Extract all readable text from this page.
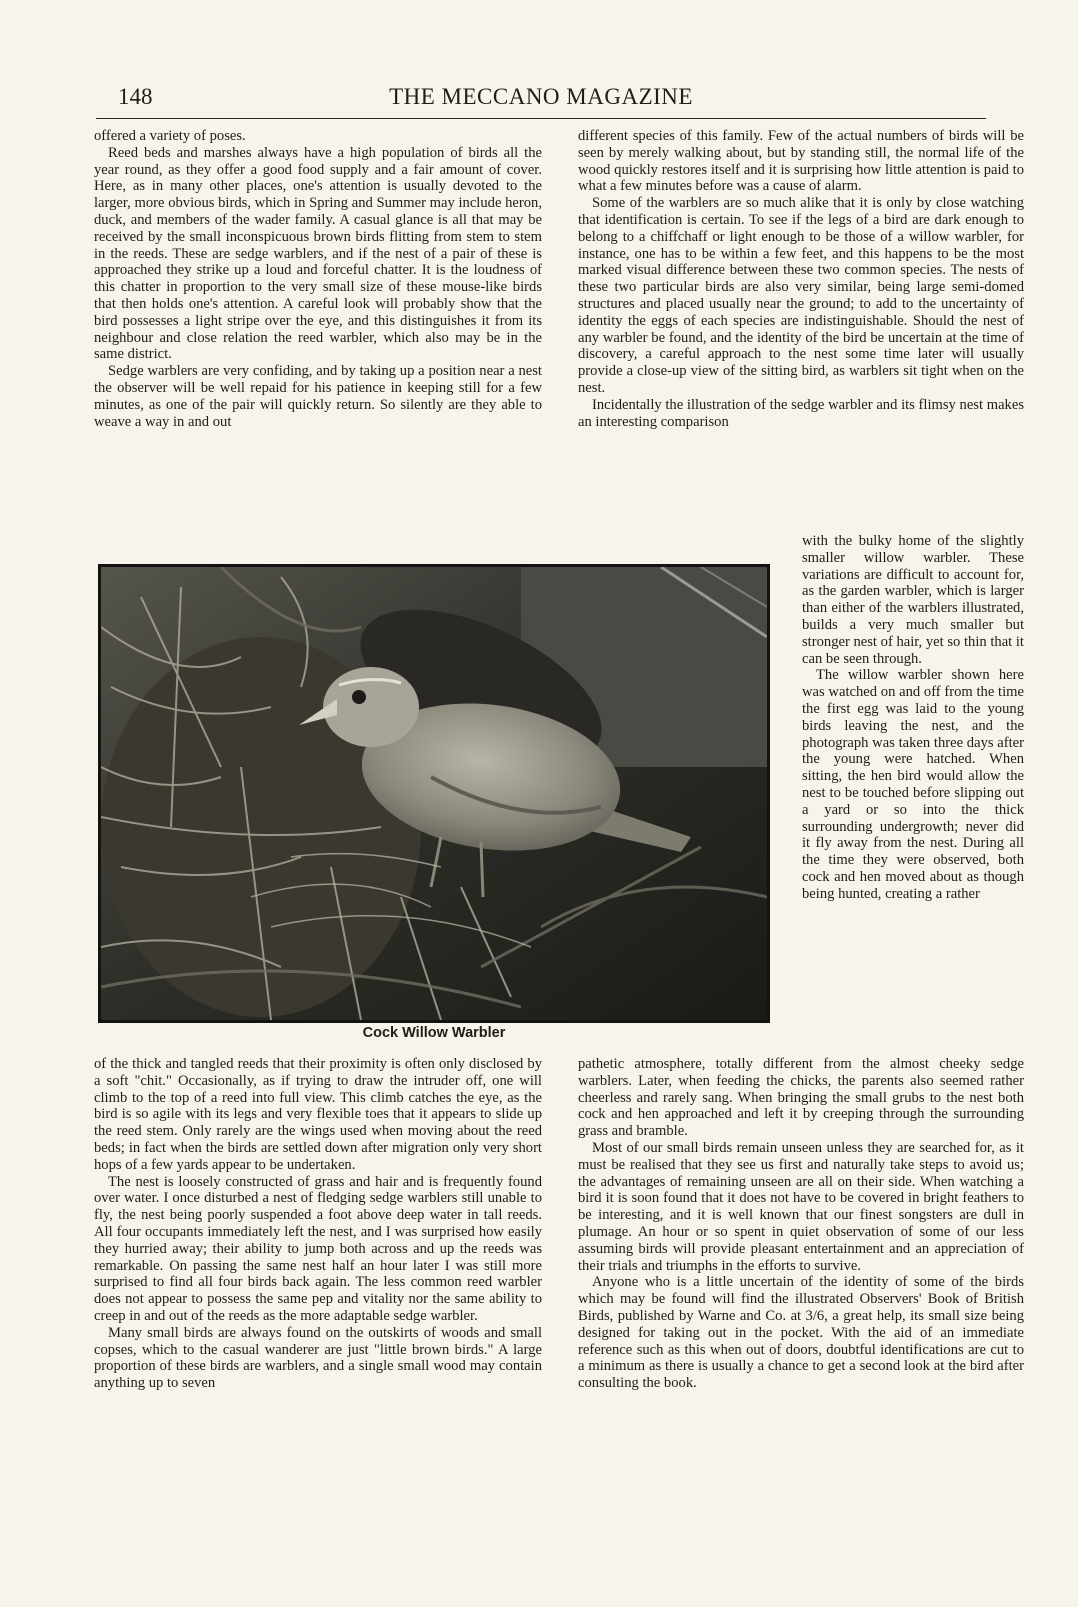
148	THE MECCANO MAGAZINE

offered a variety of poses.

Reed beds and marshes always have a high population of birds all the year round, as they offer a good food supply and a fair amount of cover. Here, as in many other places, one's attention is usually devoted to the larger, more obvious birds, which in Spring and Summer may include heron, duck, and members of the wader family. A casual glance is all that may be received by the small inconspicuous brown birds flitting from stem to stem in the reeds. These are sedge warblers, and if the nest of a pair of these is approached they strike up a loud and forceful chatter. It is the loudness of this chatter in proportion to the very small size of these mouse-like birds that then holds one's attention. A careful look will probably show that the bird possesses a light stripe over the eye, and this distinguishes it from its neighbour and close relation the reed warbler, which also may be in the same district.

Sedge warblers are very confiding, and by taking up a position near a nest the observer will be well repaid for his patience in keeping still for a few minutes, as one of the pair will quickly return. So silently are they able to weave a way in and out

different species of this family. Few of the actual numbers of birds will be seen by merely walking about, but by standing still, the normal life of the wood quickly restores itself and it is surprising how little attention is paid to what a few minutes before was a cause of alarm.

Some of the warblers are so much alike that it is only by close watching that identification is certain. To see if the legs of a bird are dark enough to belong to a chiffchaff or light enough to be those of a willow warbler, for instance, one has to be within a few feet, and this happens to be the most marked visual difference between these two common species. The nests of these two particular birds are also very similar, being large semi-domed structures and placed usually near the ground; to add to the uncertainty of identity the eggs of each species are indistinguishable. Should the nest of any warbler be found, and the identity of the bird be uncertain at the time of discovery, a careful approach to the nest some time later will usually provide a close-up view of the sitting bird, as warblers sit tight when on the nest.

Incidentally the illustration of the sedge warbler and its flimsy nest makes an interesting comparison

Cock Willow Warbler

with the bulky home of the slightly smaller willow warbler. These variations are difficult to account for, as the garden warbler, which is larger than either of the warblers illustrated, builds a very much smaller but stronger nest of hair, yet so thin that it can be seen through.

The willow warbler shown here was watched on and off from the time the first egg was laid to the young birds leaving the nest, and the photograph was taken three days after the young were hatched. When sitting, the hen bird would allow the nest to be touched before slipping out a yard or so into the thick surrounding undergrowth; never did it fly away from the nest. During all the time they were observed, both cock and hen moved about as though being hunted, creating a rather

of the thick and tangled reeds that their proximity is often only disclosed by a soft "chit." Occasionally, as if trying to draw the intruder off, one will climb to the top of a reed into full view. This climb catches the eye, as the bird is so agile with its legs and very flexible toes that it appears to slide up the reed stem. Only rarely are the wings used when moving about the reed beds; in fact when the birds are settled down after migration only very short hops of a few yards appear to be undertaken.

The nest is loosely constructed of grass and hair and is frequently found over water. I once disturbed a nest of fledging sedge warblers still unable to fly, the nest being poorly suspended a foot above deep water in tall reeds. All four occupants immediately left the nest, and I was surprised how easily they hurried away; their ability to jump both across and up the reeds was remarkable. On passing the same nest half an hour later I was still more surprised to find all four birds back again. The less common reed warbler does not appear to possess the same pep and vitality nor the same ability to creep in and out of the reeds as the more adaptable sedge warbler.

Many small birds are always found on the outskirts of woods and small copses, which to the casual wanderer are just "little brown birds." A large proportion of these birds are warblers, and a single small wood may contain anything up to seven

pathetic atmosphere, totally different from the almost cheeky sedge warblers. Later, when feeding the chicks, the parents also seemed rather cheerless and rarely sang. When bringing the small grubs to the nest both cock and hen approached and left it by creeping through the surrounding grass and bramble.

Most of our small birds remain unseen unless they are searched for, as it must be realised that they see us first and naturally take steps to avoid us; the advantages of remaining unseen are all on their side. When watching a bird it is soon found that it does not have to be covered in bright feathers to be interesting, and it is well known that our finest songsters are dull in plumage. An hour or so spent in quiet observation of some of our less assuming birds will provide pleasant entertainment and an appreciation of their trials and triumphs in the efforts to survive.

Anyone who is a little uncertain of the identity of some of the birds which may be found will find the illustrated Observers' Book of British Birds, published by Warne and Co. at 3/6, a great help, its small size being designed for taking out in the pocket. With the aid of an immediate reference such as this when out of doors, doubtful identifications are cut to a minimum as there is usually a chance to get a second look at the bird after consulting the book.
